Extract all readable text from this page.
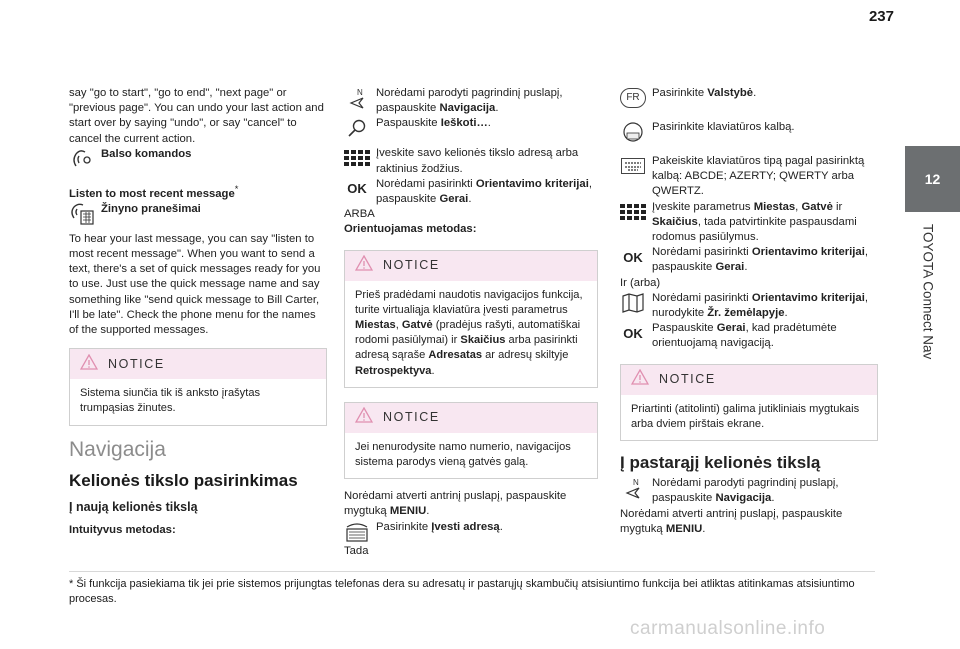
237
12
TOYOTA Connect Nav

say "go to start", "go to end", "next page" or "previous page". You can undo your last action and start over by saying "undo", or say "cancel" to cancel the current action.

Balso komandos

Listen to most recent message*

Žinyno pranešimai

To hear your last message, you can say "listen to most recent message". When you want to send a text, there's a set of quick messages ready for you to use. Just use the quick message name and say something like "send quick message to Bill Carter, I'll be late". Check the phone menu for the names of the supported messages.

NOTICE
Sistema siunčia tik iš anksto įrašytas trumpąsias žinutes.
Navigacija
Kelionės tikslo pasirinkimas
Į naują kelionės tikslą

Intuityvus metodas:

N Norėdami parodyti pagrindinį puslapį, paspauskite Navigacija.
Paspauskite Ieškoti….
Įveskite savo kelionės tikslo adresą arba raktinius žodžius.
OK Norėdami pasirinkti Orientavimo kriterijai, paspauskite Gerai.

ARBA

Orientuojamas metodas:

NOTICE
Prieš pradėdami naudotis navigacijos funkcija, turite virtualiąja klaviatūra įvesti parametrus Miestas, Gatvė (pradėjus rašyti, automatiškai rodomi pasiūlymai) ir Skaičius arba pasirinkti adresą sąraše Adresatas ar adresų skiltyje Retrospektyva.
NOTICE
Jei nenurodysite namo numerio, navigacijos sistema parodys vieną gatvės galą.

Norėdami atverti antrinį puslapį, paspauskite mygtuką MENIU.

Pasirinkite Įvesti adresą.

Tada

FR	Pasirinkite Valstybė.
Pasirinkite klaviatūros kalbą.
Pakeiskite klaviatūros tipą pagal pasirinktą kalbą: ABCDE; AZERTY; QWERTY arba QWERTZ.
Įveskite parametrus Miestas, Gatvė ir Skaičius, tada patvirtinkite paspausdami rodomus pasiūlymus.
OK Norėdami pasirinkti Orientavimo kriterijai, paspauskite Gerai.

Ir (arba)

Norėdami pasirinkti Orientavimo kriterijai, nurodykite Žr. žemėlapyje.
OK Paspauskite Gerai, kad pradėtumėte orientuojamą navigaciją.
NOTICE
Priartinti (atitolinti) galima jutikliniais mygtukais arba dviem pirštais ekrane.
Į pastarąjį kelionės tikslą
N Norėdami parodyti pagrindinį puslapį, paspauskite Navigacija.

Norėdami atverti antrinį puslapį, paspauskite mygtuką MENIU.

* Ši funkcija pasiekiama tik jei prie sistemos prijungtas telefonas dera su adresatų ir pastarųjų skambučių atsisiuntimo funkcija bei atliktas atitinkamas atsisiuntimo procesas.
carmanualsonline.info
